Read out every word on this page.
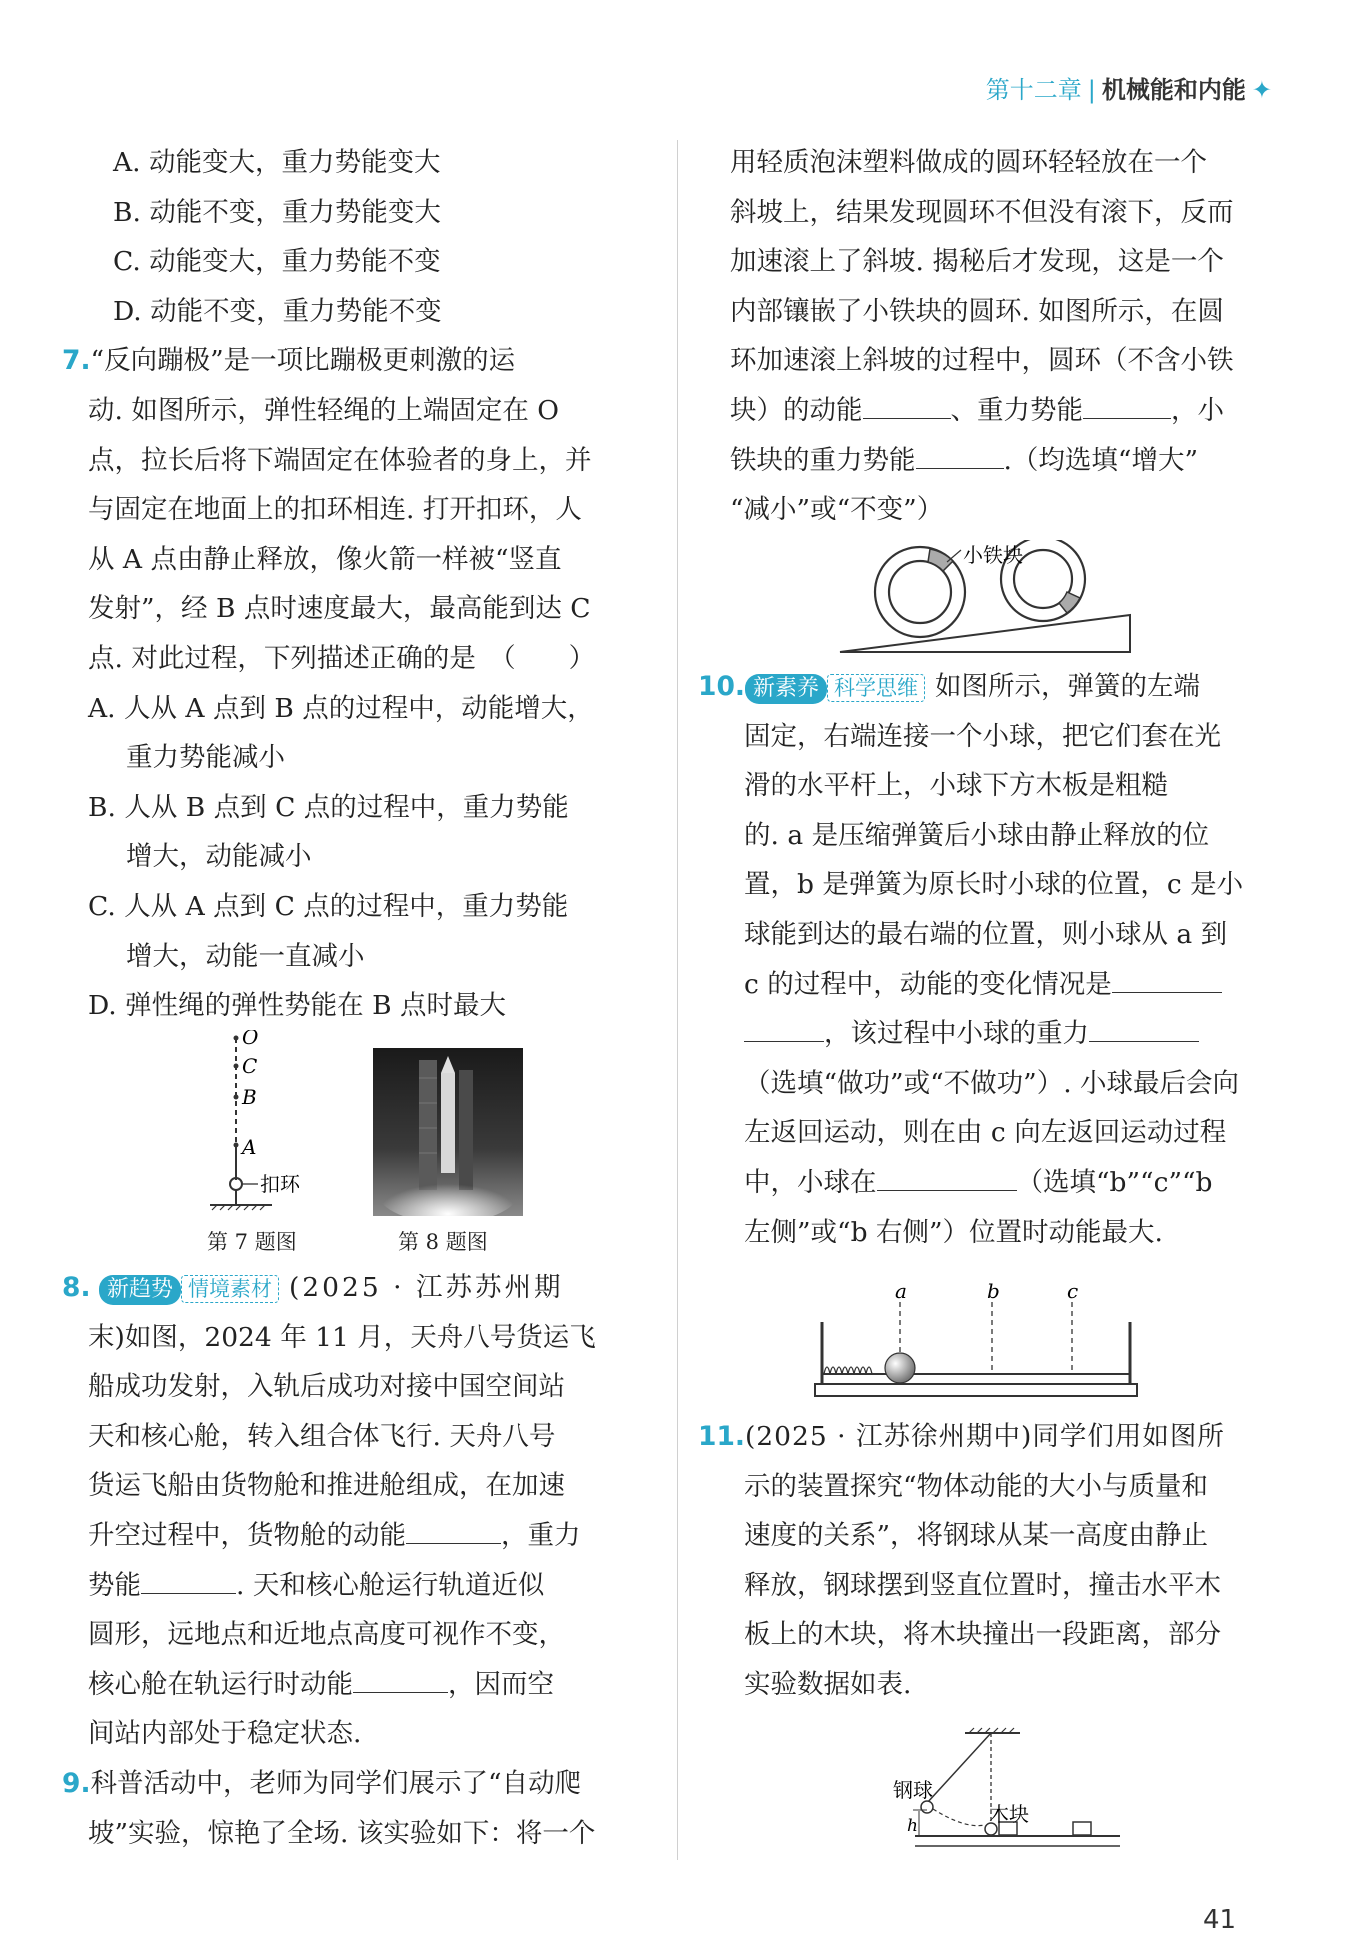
第十二章 | 机械能和内能 ✦
A. 动能变大，重力势能变大
B. 动能不变，重力势能变大
C. 动能变大，重力势能不变
D. 动能不变，重力势能不变
7.“反向蹦极”是一项比蹦极更刺激的运
动. 如图所示，弹性轻绳的上端固定在 O
点，拉长后将下端固定在体验者的身上，并
与固定在地面上的扣环相连. 打开扣环，人
从 A 点由静止释放，像火箭一样被“竖直
发射”，经 B 点时速度最大，最高能到达 C
点. 对此过程，下列描述正确的是　（　　）
A. 人从 A 点到 B 点的过程中，动能增大，
重力势能减小
B. 人从 B 点到 C 点的过程中，重力势能
增大，动能减小
C. 人从 A 点到 C 点的过程中，重力势能
增大，动能一直减小
D. 弹性绳的弹性势能在 B 点时最大
O
C
B
A
扣环
第 7 题图	第 8 题图
8. 新趋势 情境素材 (2025 · 江苏苏州期
末)如图，2024 年 11 月，天舟八号货运飞
船成功发射，入轨后成功对接中国空间站
天和核心舱，转入组合体飞行. 天舟八号
货运飞船由货物舱和推进舱组成，在加速
升空过程中，货物舱的动能	，重力
势能	. 天和核心舱运行轨道近似
圆形，远地点和近地点高度可视作不变，
核心舱在轨运行时动能	，因而空
间站内部处于稳定状态.
9.科普活动中，老师为同学们展示了“自动爬
坡”实验，惊艳了全场. 该实验如下：将一个
用轻质泡沫塑料做成的圆环轻轻放在一个
斜坡上，结果发现圆环不但没有滚下，反而
加速滚上了斜坡. 揭秘后才发现，这是一个
内部镶嵌了小铁块的圆环. 如图所示，在圆
环加速滚上斜坡的过程中，圆环（不含小铁
块）的动能	、重力势能	，小
铁块的重力势能	.（均选填“增大”
“减小”或“不变”）
小铁块
10. 新素养 科学思维 如图所示，弹簧的左端
固定，右端连接一个小球，把它们套在光
滑的水平杆上，小球下方木板是粗糙
的. a 是压缩弹簧后小球由静止释放的位
置，b 是弹簧为原长时小球的位置，c 是小
球能到达的最右端的位置，则小球从 a 到
c 的过程中，动能的变化情况是
，该过程中小球的重力
（选填“做功”或“不做功”）. 小球最后会向
左返回运动，则在由 c 向左返回运动过程
中，小球在	（选填“b”“c”“b
左侧”或“b 右侧”）位置时动能最大.
a	b	c
11.(2025 · 江苏徐州期中)同学们用如图所
示的装置探究“物体动能的大小与质量和
速度的关系”，将钢球从某一高度由静止
释放，钢球摆到竖直位置时，撞击水平木
板上的木块，将木块撞出一段距离，部分
实验数据如表.
钢球
木块
h
41
